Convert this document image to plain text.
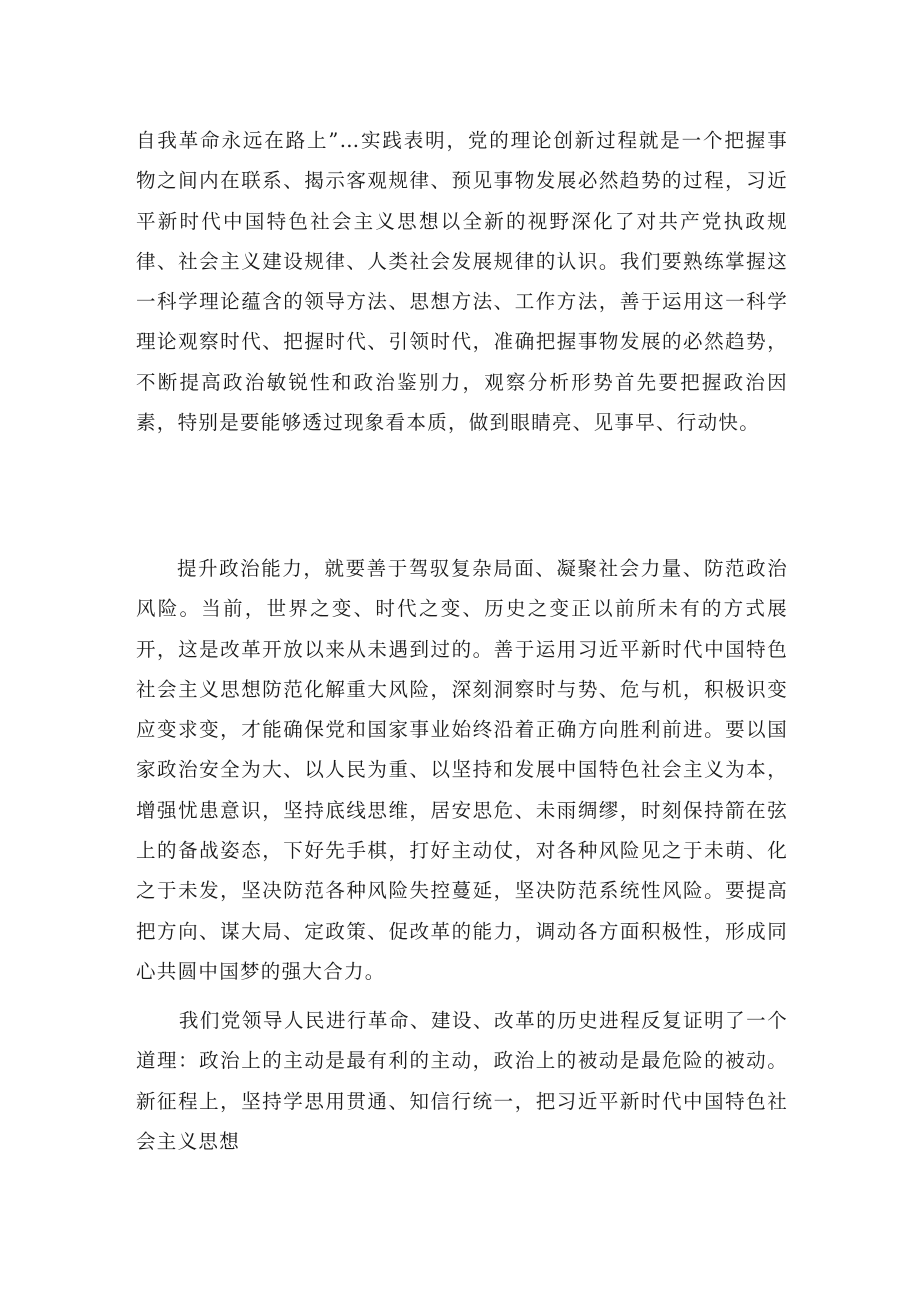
自我革命永远在路上”…实践表明，党的理论创新过程就是一个把握事物之间内在联系、揭示客观规律、预见事物发展必然趋势的过程，习近平新时代中国特色社会主义思想以全新的视野深化了对共产党执政规律、社会主义建设规律、人类社会发展规律的认识。我们要熟练掌握这一科学理论蕴含的领导方法、思想方法、工作方法，善于运用这一科学理论观察时代、把握时代、引领时代，准确把握事物发展的必然趋势，不断提高政治敏锐性和政治鉴别力，观察分析形势首先要把握政治因素，特别是要能够透过现象看本质，做到眼睛亮、见事早、行动快。

提升政治能力，就要善于驾驭复杂局面、凝聚社会力量、防范政治风险。当前，世界之变、时代之变、历史之变正以前所未有的方式展开，这是改革开放以来从未遇到过的。善于运用习近平新时代中国特色社会主义思想防范化解重大风险，深刻洞察时与势、危与机，积极识变应变求变，才能确保党和国家事业始终沿着正确方向胜利前进。要以国家政治安全为大、以人民为重、以坚持和发展中国特色社会主义为本，增强忧患意识，坚持底线思维，居安思危、未雨绸缪，时刻保持箭在弦上的备战姿态，下好先手棋，打好主动仗，对各种风险见之于未萌、化之于未发，坚决防范各种风险失控蔓延，坚决防范系统性风险。要提高把方向、谋大局、定政策、促改革的能力，调动各方面积极性，形成同心共圆中国梦的强大合力。

我们党领导人民进行革命、建设、改革的历史进程反复证明了一个道理：政治上的主动是最有利的主动，政治上的被动是最危险的被动。新征程上，坚持学思用贯通、知信行统一，把习近平新时代中国特色社会主义思想
